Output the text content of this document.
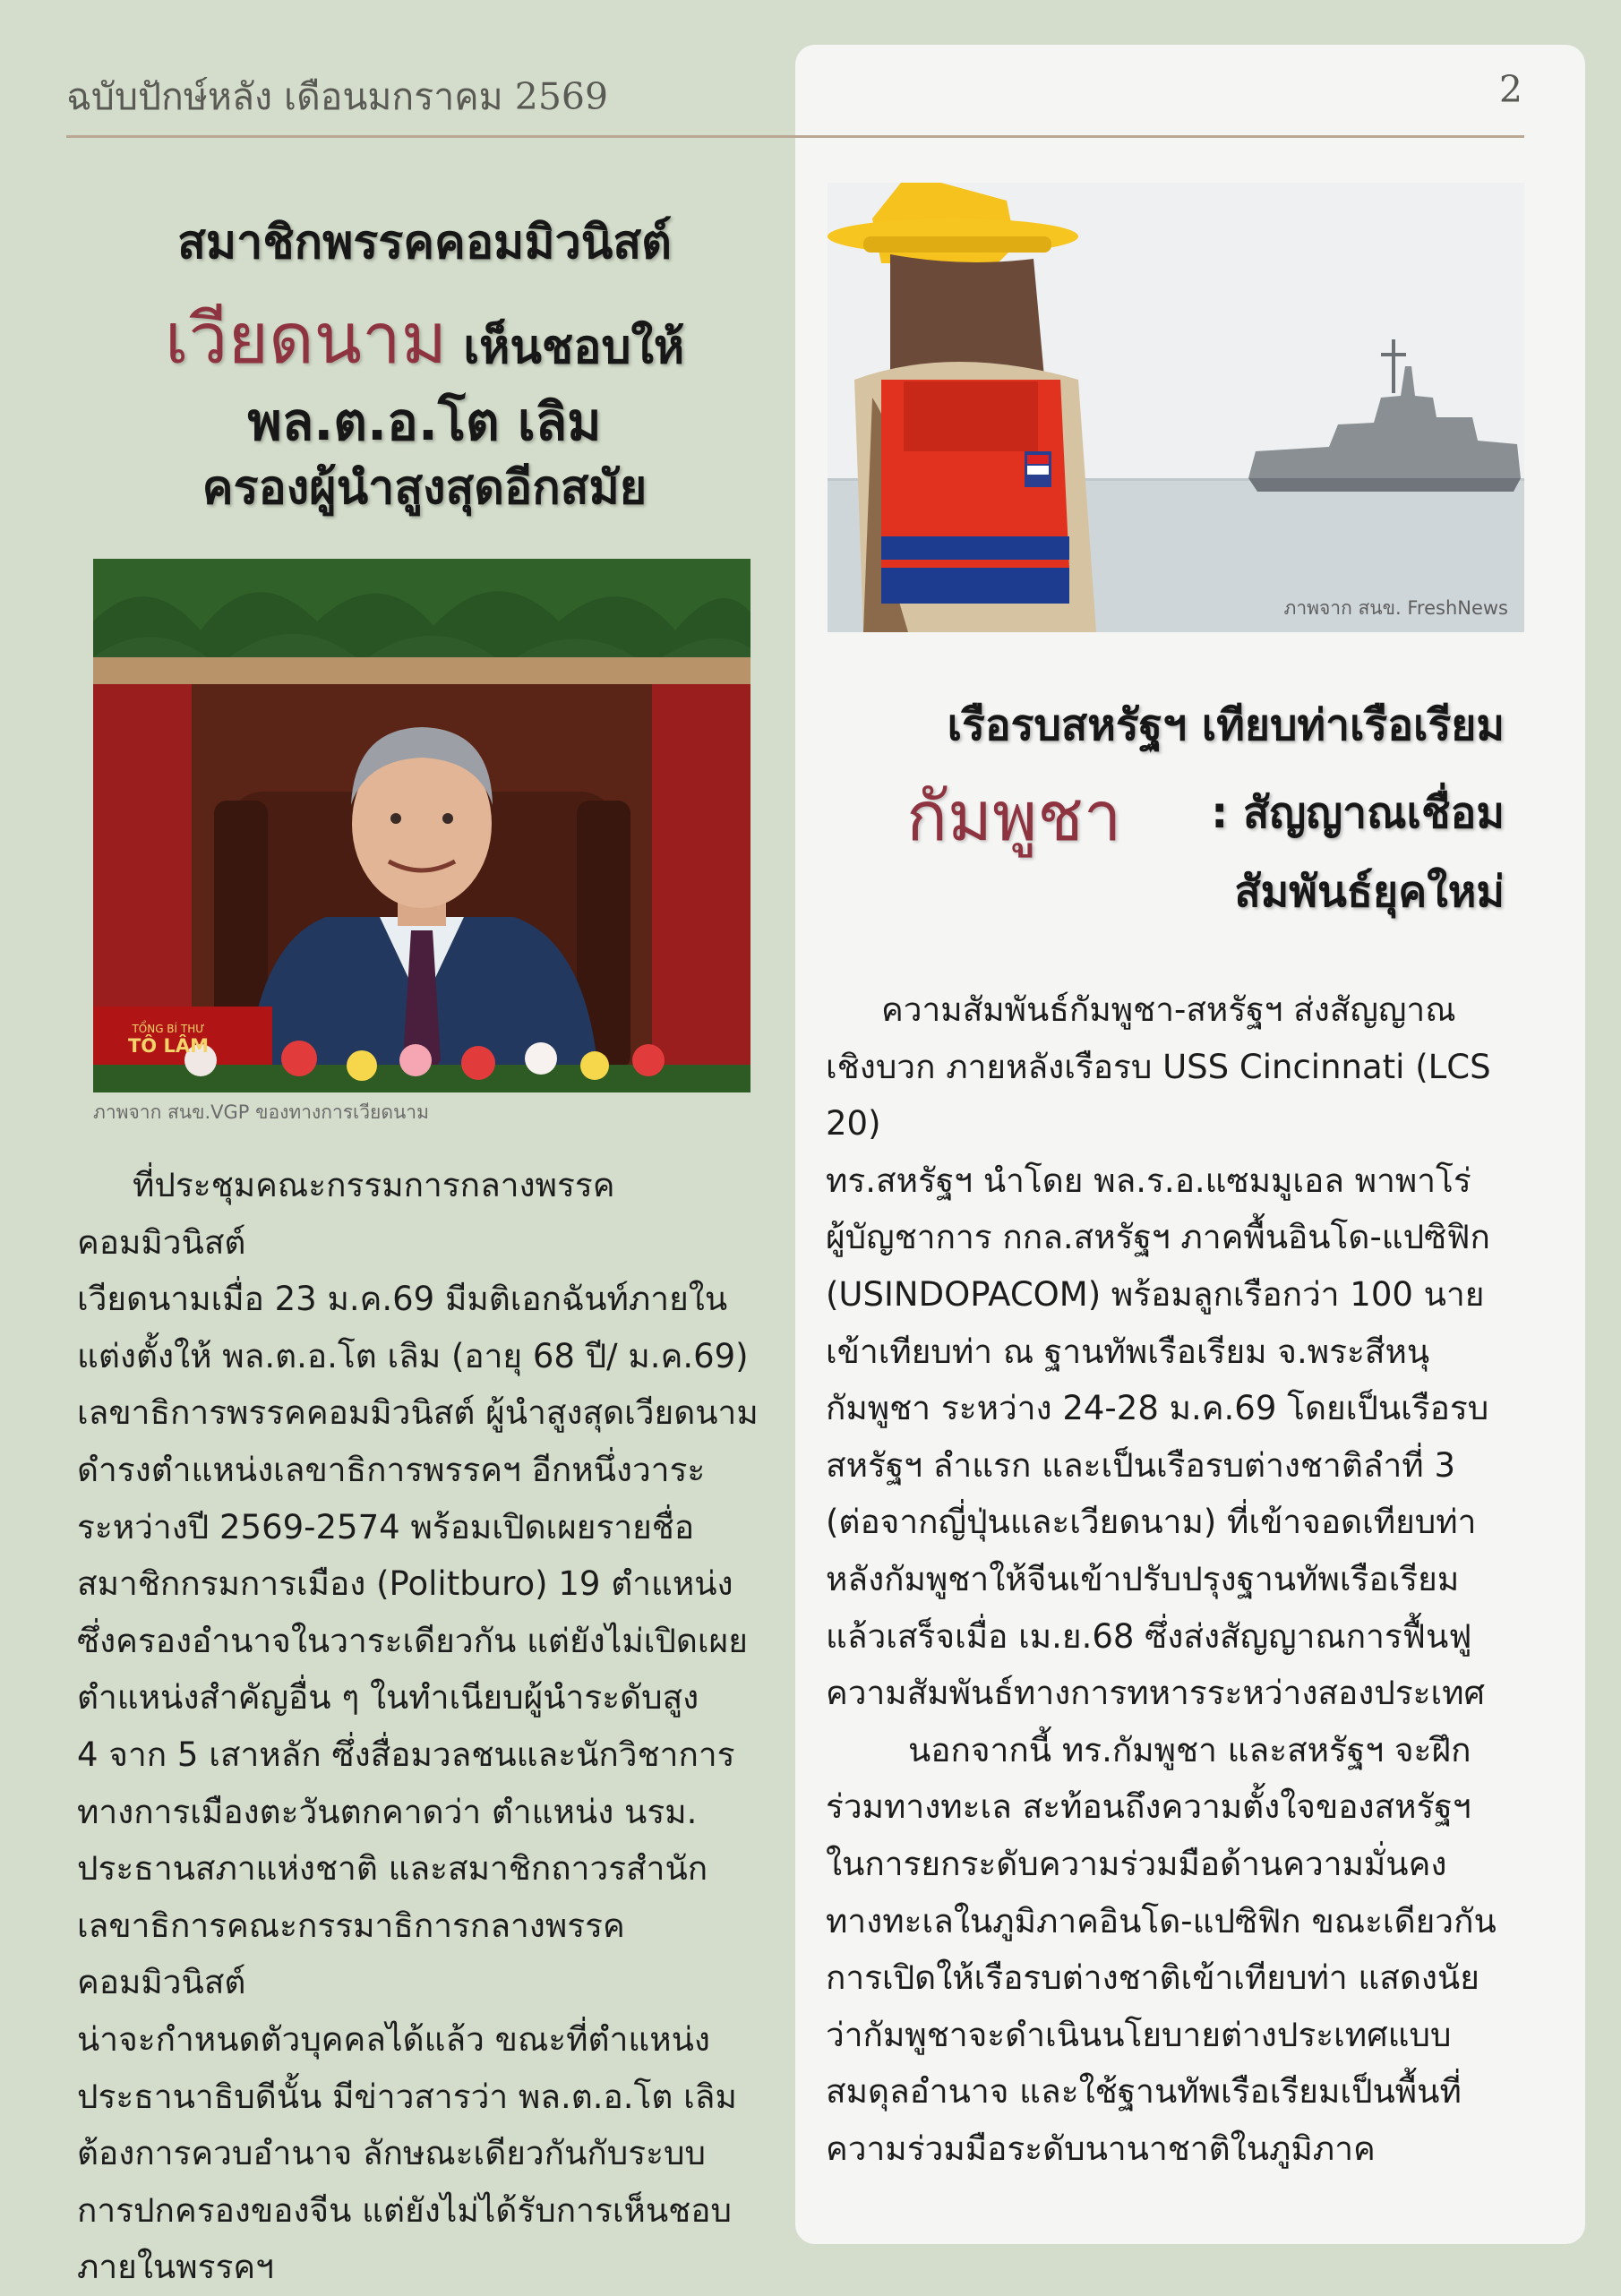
ฉบับปักษ์หลัง เดือนมกราคม 2569	2
สมาชิกพรรคคอมมิวนิสต์
เวียดนาม เห็นชอบให้
พล.ต.อ.โต เลิม
ครองผู้นำสูงสุดอีกสมัย
TỔNG BÍ THƯ
TÔ LÂM
ภาพจาก สนข.VGP ของทางการเวียดนาม

ที่ประชุมคณะกรรมการกลางพรรคคอมมิวนิสต์

เวียดนามเมื่อ 23 ม.ค.69 มีมติเอกฉันท์ภายใน

แต่งตั้งให้ พล.ต.อ.โต เลิม (อายุ 68 ปี/ ม.ค.69)

เลขาธิการพรรคคอมมิวนิสต์ ผู้นำสูงสุดเวียดนาม

ดำรงตำแหน่งเลขาธิการพรรคฯ อีกหนึ่งวาระ

ระหว่างปี 2569-2574 พร้อมเปิดเผยรายชื่อ

สมาชิกกรมการเมือง (Politburo) 19 ตำแหน่ง

ซึ่งครองอำนาจในวาระเดียวกัน แต่ยังไม่เปิดเผย

ตำแหน่งสำคัญอื่น ๆ ในทำเนียบผู้นำระดับสูง

4 จาก 5 เสาหลัก ซึ่งสื่อมวลชนและนักวิชาการ

ทางการเมืองตะวันตกคาดว่า ตำแหน่ง นรม.

ประธานสภาแห่งชาติ และสมาชิกถาวรสำนัก

เลขาธิการคณะกรรมาธิการกลางพรรคคอมมิวนิสต์

น่าจะกำหนดตัวบุคคลได้แล้ว ขณะที่ตำแหน่ง

ประธานาธิบดีนั้น มีข่าวสารว่า พล.ต.อ.โต เลิม

ต้องการควบอำนาจ ลักษณะเดียวกันกับระบบ

การปกครองของจีน แต่ยังไม่ได้รับการเห็นชอบ

ภายในพรรคฯ

ภาพจาก สนข. FreshNews
เรือรบสหรัฐฯ เทียบท่าเรือเรียม
กัมพูชา	: สัญญาณเชื่อม
สัมพันธ์ยุคใหม่

ความสัมพันธ์กัมพูชา-สหรัฐฯ ส่งสัญญาณ

เชิงบวก ภายหลังเรือรบ USS Cincinnati (LCS 20)

ทร.สหรัฐฯ นำโดย พล.ร.อ.แซมมูเอล พาพาโร่

ผู้บัญชาการ กกล.สหรัฐฯ ภาคพื้นอินโด-แปซิฟิก

(USINDOPACOM) พร้อมลูกเรือกว่า 100 นาย

เข้าเทียบท่า ณ ฐานทัพเรือเรียม จ.พระสีหนุ

กัมพูชา ระหว่าง 24-28 ม.ค.69 โดยเป็นเรือรบ

สหรัฐฯ ลำแรก และเป็นเรือรบต่างชาติลำที่ 3

(ต่อจากญี่ปุ่นและเวียดนาม) ที่เข้าจอดเทียบท่า

หลังกัมพูชาให้จีนเข้าปรับปรุงฐานทัพเรือเรียม

แล้วเสร็จเมื่อ เม.ย.68 ซึ่งส่งสัญญาณการฟื้นฟู

ความสัมพันธ์ทางการทหารระหว่างสองประเทศ

นอกจากนี้ ทร.กัมพูชา และสหรัฐฯ จะฝึก

ร่วมทางทะเล สะท้อนถึงความตั้งใจของสหรัฐฯ

ในการยกระดับความร่วมมือด้านความมั่นคง

ทางทะเลในภูมิภาคอินโด-แปซิฟิก ขณะเดียวกัน

การเปิดให้เรือรบต่างชาติเข้าเทียบท่า แสดงนัย

ว่ากัมพูชาจะดำเนินนโยบายต่างประเทศแบบ

สมดุลอำนาจ และใช้ฐานทัพเรือเรียมเป็นพื้นที่

ความร่วมมือระดับนานาชาติในภูมิภาค
